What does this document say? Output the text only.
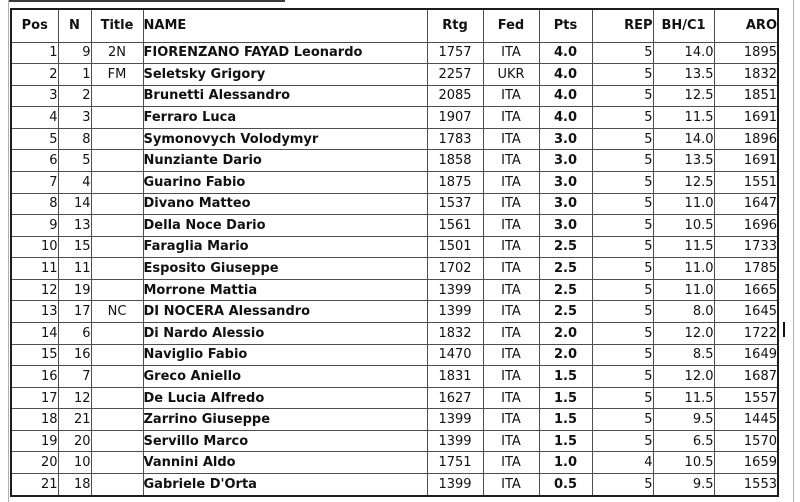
Pos	N	Title	NAME	Rtg	Fed	Pts	REP	BH/C1	ARO
1	9	2N	FIORENZANO FAYAD Leonardo	1757	ITA	4.0	5	14.0	1895
2	1	FM	Seletsky Grigory	2257	UKR	4.0	5	13.5	1832
3	2		Brunetti Alessandro	2085	ITA	4.0	5	12.5	1851
4	3		Ferraro Luca	1907	ITA	4.0	5	11.5	1691
5	8		Symonovych Volodymyr	1783	ITA	3.0	5	14.0	1896
6	5		Nunziante Dario	1858	ITA	3.0	5	13.5	1691
7	4		Guarino Fabio	1875	ITA	3.0	5	12.5	1551
8	14		Divano Matteo	1537	ITA	3.0	5	11.0	1647
9	13		Della Noce Dario	1561	ITA	3.0	5	10.5	1696
10	15		Faraglia Mario	1501	ITA	2.5	5	11.5	1733
11	11		Esposito Giuseppe	1702	ITA	2.5	5	11.0	1785
12	19		Morrone Mattia	1399	ITA	2.5	5	11.0	1665
13	17	NC	DI NOCERA Alessandro	1399	ITA	2.5	5	8.0	1645
14	6		Di Nardo Alessio	1832	ITA	2.0	5	12.0	1722
15	16		Naviglio Fabio	1470	ITA	2.0	5	8.5	1649
16	7		Greco Aniello	1831	ITA	1.5	5	12.0	1687
17	12		De Lucia Alfredo	1627	ITA	1.5	5	11.5	1557
18	21		Zarrino Giuseppe	1399	ITA	1.5	5	9.5	1445
19	20		Servillo Marco	1399	ITA	1.5	5	6.5	1570
20	10		Vannini Aldo	1751	ITA	1.0	4	10.5	1659
21	18		Gabriele D'Orta	1399	ITA	0.5	5	9.5	1553
